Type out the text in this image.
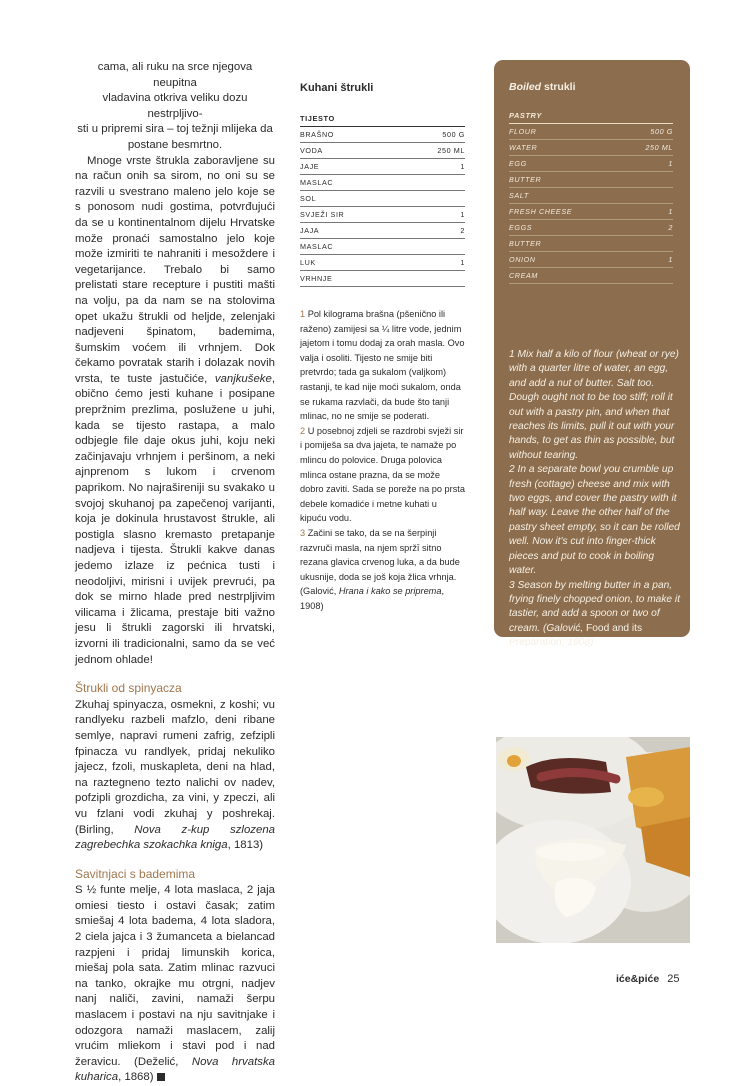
cama, ali ruku na srce njegova neupitna

vladavina otkriva veliku dozu nestrpljivo-

sti u pripremi sira – toj težnji mlijeka da

postane besmrtno.

Mnoge vrste štrukla zaboravljene su na račun onih sa sirom, no oni su se razvili u svestrano maleno jelo koje se s ponosom nudi gostima, potvrđujući da se u kontinentalnom dijelu Hrvatske može pronaći samostalno jelo koje može izmiriti te nahraniti i mesoždere i vegetarijance. Trebalo bi samo prelistati stare recepture i pustiti mašti na volju, pa da nam se na stolovima opet ukažu štrukli od heljde, zelenjaki nadjeveni špinatom, bademima, šumskim voćem ili vrhnjem. Dok čekamo povratak starih i dolazak novih vrsta, te tuste jastučiće, vanjkušeke, obično ćemo jesti kuhane i posipane prepržnim prezlima, poslužene u juhi, kada se tijesto rastapa, a malo odbjegle file daje okus juhi, koju neki začinjavaju vrhnjem i peršinom, a neki ajnprenom s lukom i crvenom paprikom. No najrašireniji su svakako u svojoj skuhanoj pa zapečenoj varijanti, koja je dokinula hrustavost štrukle, ali postigla slasno kremasto pretapanje nadjeva i tijesta. Štrukli kakve danas jedemo izlaze iz pećnica tusti i neodoljivi, mirisni i uvijek prevrući, pa dok se mirno hlade pred nestrpljivim vilicama i žlicama, prestaje biti važno jesu li štrukli zagorski ili hrvatski, izvorni ili tradicionalni, samo da se već jednom ohlade!

Štrukli od spinyacza

Zkuhaj spinyacza, osmekni, z koshi; vu randlyeku razbeli mafzlo, deni ribane semlye, napravi rumeni zafrig, zefzipli fpinacza vu randlyek, pridaj nekuliko jajecz, fzoli, muskapleta, deni na hlad, na raztegneno tezto nalichi ov nadev, pofzipli grozdicha, za vini, y zpeczi, ali vu fzlani vodi zkuhaj y poshrekaj. (Birling, Nova z-kup szlozena zagrebechka szokachka kniga, 1813)

Savitnjaci s bademima

S ½ funte melje, 4 lota maslaca, 2 jaja omiesi tiesto i ostavi časak; zatim smiešaj 4 lota badema, 4 lota sladora, 2 ciela jajca i 3 žumanceta a bielancad razpjeni i pridaj limunskih korica, miešaj pola sata. Zatim mlinac razvuci na tanko, okrajke mu otrgni, nadjev nanj naliči, zavini, namaži šerpu maslacem i postavi na nju savitnjake i odozgora namaži maslacem, zalij vrućim mliekom i stavi pod i nad žeravicu. (Deželić, Nova hrvatska kuharica, 1868)

Kuhani štrukli
TIJESTO	
BRAŠNO	500 G
VODA	250 ML
JAJE	1
MASLAC	
SOL	
SVJEŽI SIR	1
JAJA	2
MASLAC	
LUK	1
VRHNJE	

1 Pol kilograma brašna (pšenično ili raženo) zamijesi sa ¼ litre vode, jednim jajetom i tomu dodaj za orah masla. Ovo valja i osoliti. Tijesto ne smije biti pretvrdo; tada ga sukalom (valjkom) rastanji, te kad nije moći sukalom, onda se rukama razvlači, da bude što tanji mlinac, no ne smije se poderati.

2 U posebnoj zdjeli se razdrobi svježi sir i pomiješa sa dva jajeta, te namaže po mlincu do polovice. Druga polovica mlinca ostane prazna, da se može dobro zaviti. Sada se poreže na po prsta debele komadiće i metne kuhati u kipuću vodu.

3 Začini se tako, da se na šerpinji razvruči masla, na njem spržī sitno rezana glavica crvenog luka, a da bude ukusnije, doda se još koja žlica vrhnja. (Galović, Hrana i kako se priprema, 1908)

Boiled strukli
PASTRY	
FLOUR	500 G
WATER	250 ML
EGG	1
BUTTER	
SALT	
FRESH CHEESE	1
EGGS	2
BUTTER	
ONION	1
CREAM	

1 Mix half a kilo of flour (wheat or rye) with a quarter litre of water, an egg, and add a nut of butter. Salt too. Dough ought not to be too stiff; roll it out with a pastry pin, and when that reaches its limits, pull it out with your hands, to get as thin as possible, but without tearing.

2 In a separate bowl you crumble up fresh (cottage) cheese and mix with two eggs, and cover the pastry with it half way. Leave the other half of the pastry sheet empty, so it can be rolled well. Now it's cut into finger-thick pieces and put to cook in boiling water.

3 Season by melting butter in a pan, frying finely chopped onion, to make it tastier, and add a spoon or two of cream. (Galović, Food and its Preparation, 1908)

ićе&pićе 25
